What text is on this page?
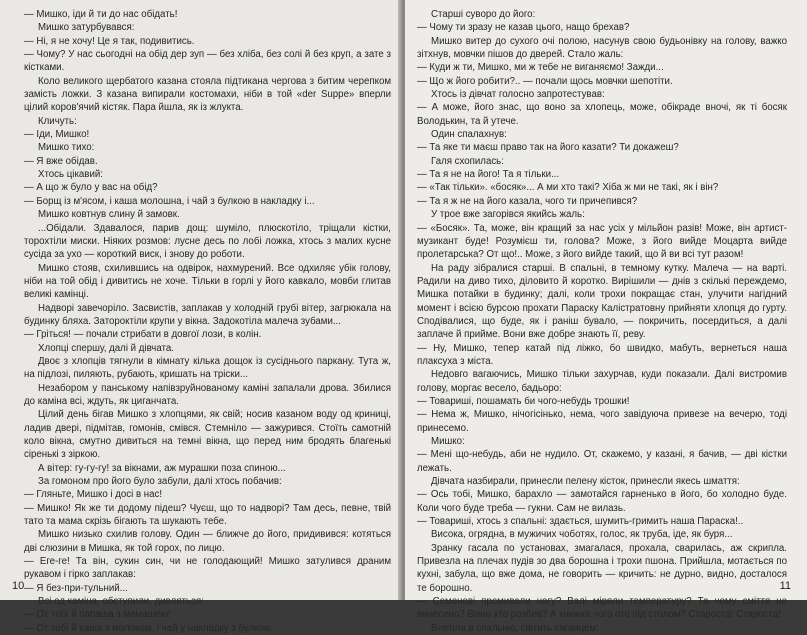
— Мишко, іди й ти до нас обідать!

Мишко затурбувався:

— Ні, я не хочу! Це я так, подивитись.

— Чому? У нас сьогодні на обід дер зуп — без хліба, без солі й без круп, а зате з кістками.

Коло великого щербатого казана стояла підтикана чергова з битим черепком замість ложки. З казана випирали костомахи, ніби в той «der Suppe» вперли цілий коров'ячий кістяк. Пара йшла, як із жлукта.

Кличуть:

— Іди, Мишко!

Мишко тихо:

— Я вже обідав.

Хтось цікавий:

— А що ж було у вас на обід?

— Борщ із м'ясом, і каша молошна, і чай з булкою в накладку і...

Мишко ковтнув слину й замовк.

...Обідали. Здавалося, парив дощ: шуміло, плюскотіло, тріщали кістки, торохтіли миски. Ніяких розмов: лусне десь по лобі ложка, хтось з малих кусне сусіда за ухо — короткий виск, і знову до роботи.

Мишко стояв, схилившись на одвірок, нахмурений. Все одхиляє убік голову, ніби на той обід і дивитись не хоче. Тільки в горлі у його кавкало, мовби глитав великі камінці.

Надворі завечоріло. Засвистів, заплакав у холодній грубі вітер, загрюкала на будинку бляха. Затороктіли крупи у вікна. Задокотіла малеча зубами...

— Гріться! — почали стрибати в довгої лози, в колін.

Хлопці спершу, далі й дівчата.

Двоє з хлопців тягнули в кімнату кілька дощок із сусіднього паркану. Тута ж, на підлозі, пиляють, рубають, кришать на тріски...

Незабором у панському напівзруйнованому каміні запалали дрова. Збилися до каміна всі, ждуть, як циганчата.

Цілий день бігав Мишко з хлопцями, як свій; носив казаном воду од криниці, ладив двері, підмітав, гомонів, смівся. Стемніло — зажурився. Стоїть самотній коло вікна, смутно дивиться на темні вікна, що перед ним бродять благенькі сіренькі з зіркою.

А вітер: гу-гу-гу! за вікнами, аж мурашки поза спиною...

За гомоном про його було забули, далі хтось побачив:

— Гляньте, Мишко і досі в нас!

— Мишко! Як же ти додому підеш? Чуєш, що то надворі? Там десь, певне, твій тато та мама скрізь бігають та шукають тебе.

Мишко низько схилив голову. Один — ближче до його, придивився: котяться дві слюзини в Мишка, як той горох, по лицю.

— Еге-ге! Та він, сукин син, чи не голодающий! Мишко затулився драним рукавом і гірко заплакав:

— Я без-при-тульний...

Всі од каміна, обступили, дивляться:

— От тобі й папаша з мамашею!

— От тобі й каша з молоком, і чай у накладку з булкою.

10

Старші суворо до його:

— Чому ти зразу не казав цього, нащо брехав?

Мишко витер до сухого очі полою, насунув свою будьонівку на голову, важко зітхнув, мовчки пішов до дверей. Стало жаль:

— Куди ж ти, Мишко, ми ж тебе не виганяємо! Зажди...

— Що ж його робити?.. — почали щось мовчки шепотіти.

Хтось із дівчат голосно запротестував:

— А може, його знас, що воно за хлопець, може, обікраде вночі, як ті босяк Володькин, та й утече.

Один спалахнув:

— Та яке ти маєш право так на його казати? Ти докажеш?

Галя схопилась:

— Та я не на його! Та я тільки...

— «Так тільки». «босяк»... А ми хто такі? Хіба ж ми не такі, як і він?

— Та я ж не на його казала, чого ти причепився?

У трое вже загорівся якийсь жаль:

— «Босяк». Та, може, він кращий за нас усіх у мільйон разів! Може, він артист-музикант буде! Розумієш ти, голова? Може, з його вийде Моцарта вийде пролетарська? От що!.. Може, з його вийде такий, що й ви всі тут разом!

На раду зібралися старші. В спальні, в темному кутку. Малеча — на варті. Радили на диво тихо, діловито й коротко. Вирішили — днів з скількі переждемо, Мишка потайки в будинку; далі, коли трохи покращає стан, улучити нагідний момент і всією бурсою прохати Параску Калістратовну прийняти хлопця до гурту. Сподівалися, що буде, як і раніш бувало, — покричить, посердиться, а далі заплаче й прийме. Вони вже добре знають її, реву.

— Ну, Мишко, тепер катай під ліжко, бо швидко, мабуть, вернеться наша плаксуха з міста.

Недовго вагаючись, Мишко тільки захурчав, куди показали. Далі вистромив голову, моргає весело, бадьоро:

— Товариші, пошамать би чого-небудь трошки!

— Нема ж, Мишко, нічогісінько, нема, чого завідуюча привезе на вечерю, тоді принесемо.

Мишко:

— Мені що-небудь, аби не нудило. От, скажемо, у казані, я бачив, — дві кістки лежать.

Дівчата назбирали, принесли пелену кісток, принесли якесь шмаття:

— Ось тобі, Мишко, барахло — замотайся гарненько в його, бо холодно буде. Коли чого буде треба — гукни. Сам не вилазь.

— Товариші, хтось з спальні: здається, шумить-гримить наша Параска!..

Висока, огрядна, в мужичих чоботях, голос, як труба, іде, як буря...

Зранку гасала по установах, змагалася, прохала, сварилась, аж скрипла. Привезла на плечах пудів зо два борошна і трохи пшона. Прийшла, мотається по кухні, забула, що вже дома, не говорить — кричить: не дурно, видно, досталося те борошно.

— Семенові промивали ногу? Валі міряли температуру? Та чому сміття не винесено? Вікно хто розбив? А книжка чого ото під столом? Староста! Староста!

Влетіла в спальню, світить каганцем:

11
